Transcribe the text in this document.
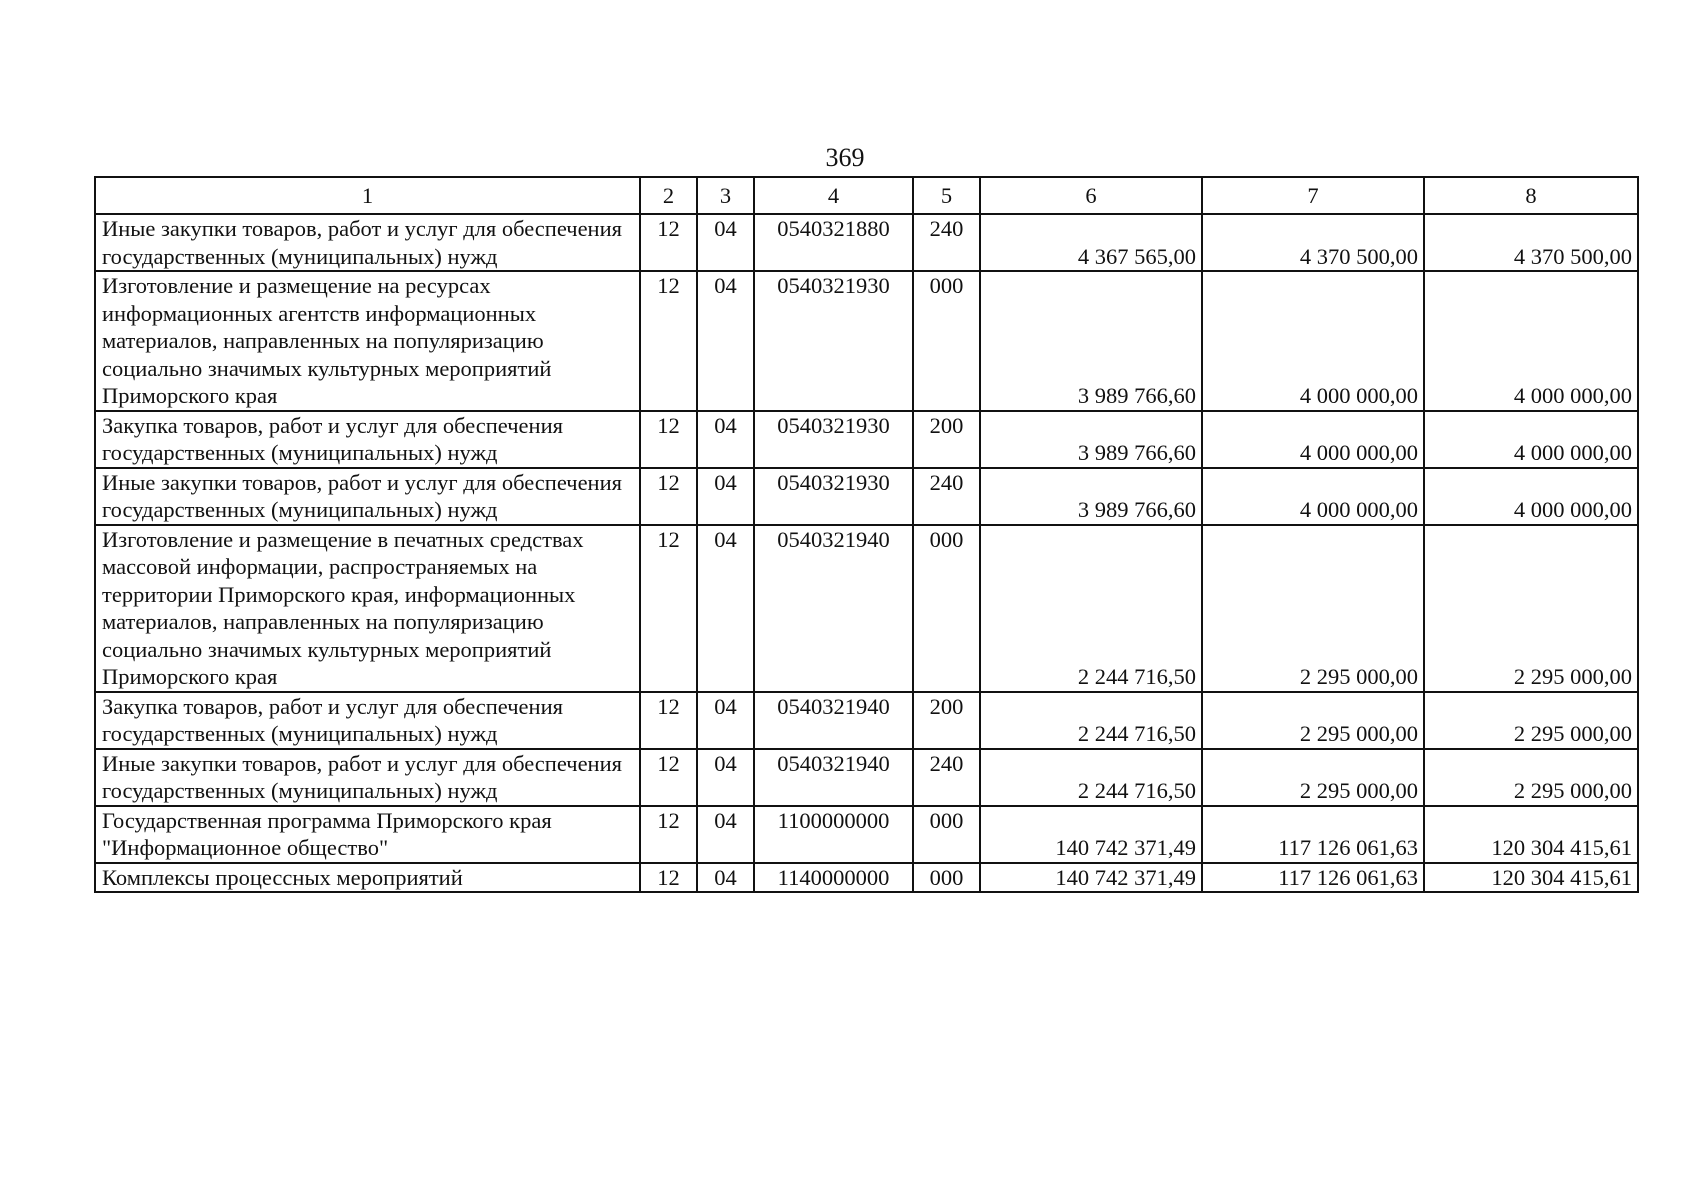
369
1	2	3	4	5	6	7	8
Иные закупки товаров, работ и услуг для обеспечения государственных (муниципальных) нужд	12	04	0540321880	240	4 367 565,00	4 370 500,00	4 370 500,00
Изготовление и размещение на ресурсах информационных агентств информационных материалов, направленных на популяризацию социально значимых культурных мероприятий Приморского края	12	04	0540321930	000	3 989 766,60	4 000 000,00	4 000 000,00
Закупка товаров, работ и услуг для обеспечения государственных (муниципальных) нужд	12	04	0540321930	200	3 989 766,60	4 000 000,00	4 000 000,00
Иные закупки товаров, работ и услуг для обеспечения государственных (муниципальных) нужд	12	04	0540321930	240	3 989 766,60	4 000 000,00	4 000 000,00
Изготовление и размещение в печатных средствах массовой информации, распространяемых на территории Приморского края, информационных материалов, направленных на популяризацию социально значимых культурных мероприятий Приморского края	12	04	0540321940	000	2 244 716,50	2 295 000,00	2 295 000,00
Закупка товаров, работ и услуг для обеспечения государственных (муниципальных) нужд	12	04	0540321940	200	2 244 716,50	2 295 000,00	2 295 000,00
Иные закупки товаров, работ и услуг для обеспечения государственных (муниципальных) нужд	12	04	0540321940	240	2 244 716,50	2 295 000,00	2 295 000,00
Государственная программа Приморского края "Информационное общество"	12	04	1100000000	000	140 742 371,49	117 126 061,63	120 304 415,61
Комплексы процессных мероприятий	12	04	1140000000	000	140 742 371,49	117 126 061,63	120 304 415,61
